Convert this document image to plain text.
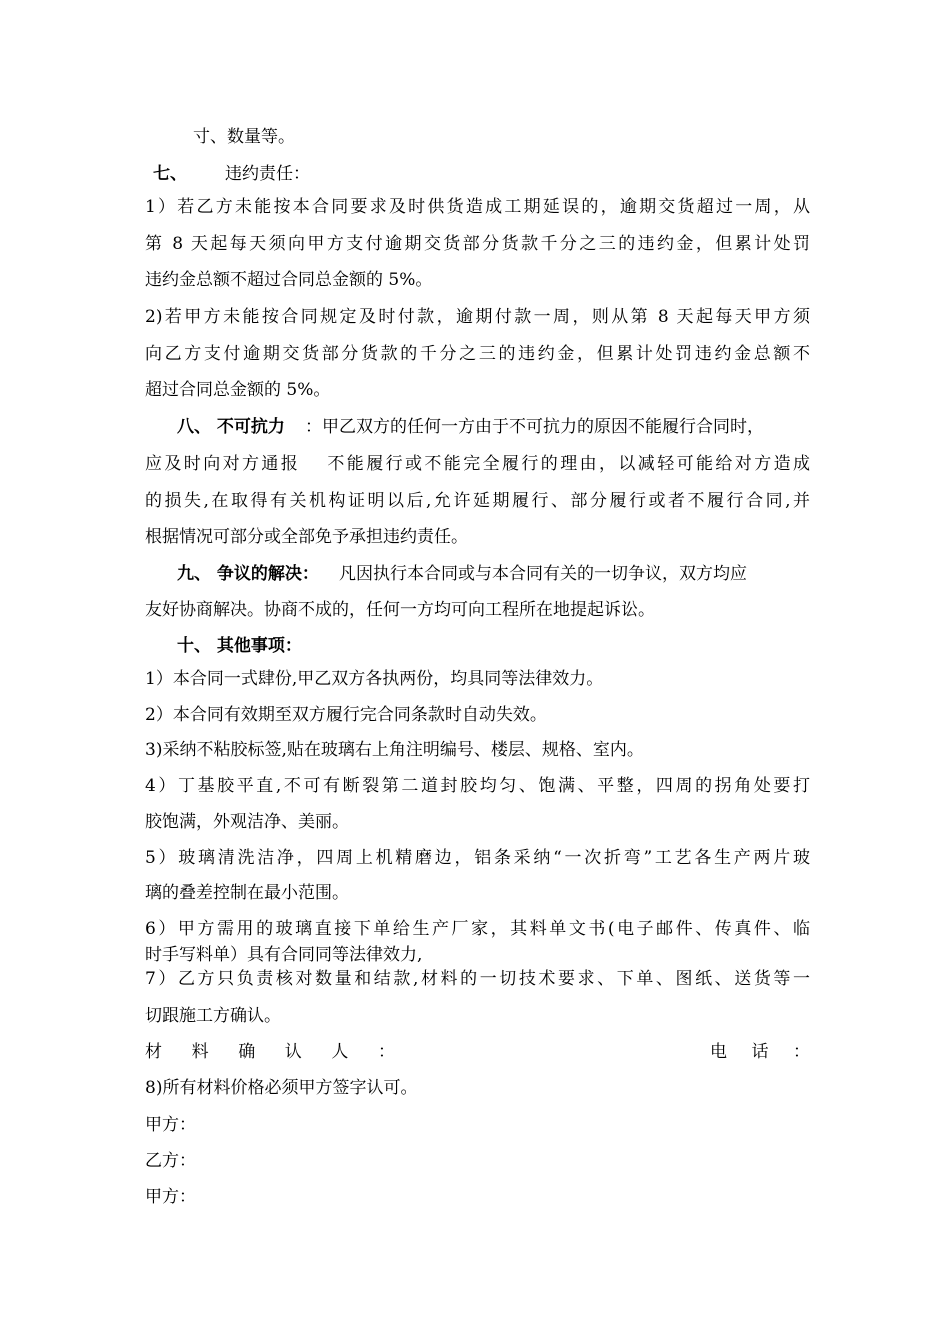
寸、数量等。
七、 违约责任：
1）若乙方未能按本合同要求及时供货造成工期延误的，逾期交货超过一周，从
第 8 天起每天须向甲方支付逾期交货部分货款千分之三的违约金，但累计处罚
违约金总额不超过合同总金额的 5%。
2)若甲方未能按合同规定及时付款，逾期付款一周，则从第 8 天起每天甲方须
向乙方支付逾期交货部分货款的千分之三的违约金，但累计处罚违约金总额不
超过合同总金额的 5%。
八、 不可抗力 ：甲乙双方的任何一方由于不可抗力的原因不能履行合同时，
应及时向对方通报 　不能履行或不能完全履行的理由，以减轻可能给对方造成
的损失,在取得有关机构证明以后,允许延期履行、部分履行或者不履行合同,并
根据情况可部分或全部免予承担违约责任。
九、 争议的解决： 凡因执行本合同或与本合同有关的一切争议，双方均应
友好协商解决。协商不成的，任何一方均可向工程所在地提起诉讼。
十、 其他事项：
1）本合同一式肆份,甲乙双方各执两份，均具同等法律效力。
2）本合同有效期至双方履行完合同条款时自动失效。
3)采纳不粘胶标签,贴在玻璃右上角注明编号、楼层、规格、室内。
4）丁基胶平直,不可有断裂第二道封胶均匀、饱满、平整，四周的拐角处要打
胶饱满，外观洁净、美丽。
5）玻璃清洗洁净，四周上机精磨边，铝条采纳“一次折弯”工艺各生产两片玻
璃的叠差控制在最小范围。
6）甲方需用的玻璃直接下单给生产厂家，其料单文书(电子邮件、传真件、临
时手写料单）具有合同同等法律效力,
7）乙方只负责核对数量和结款,材料的一切技术要求、下单、图纸、送货等一
切跟施工方确认。
材料确认人：	电话：
8)所有材料价格必须甲方签字认可。
甲方：
乙方：
甲方：
